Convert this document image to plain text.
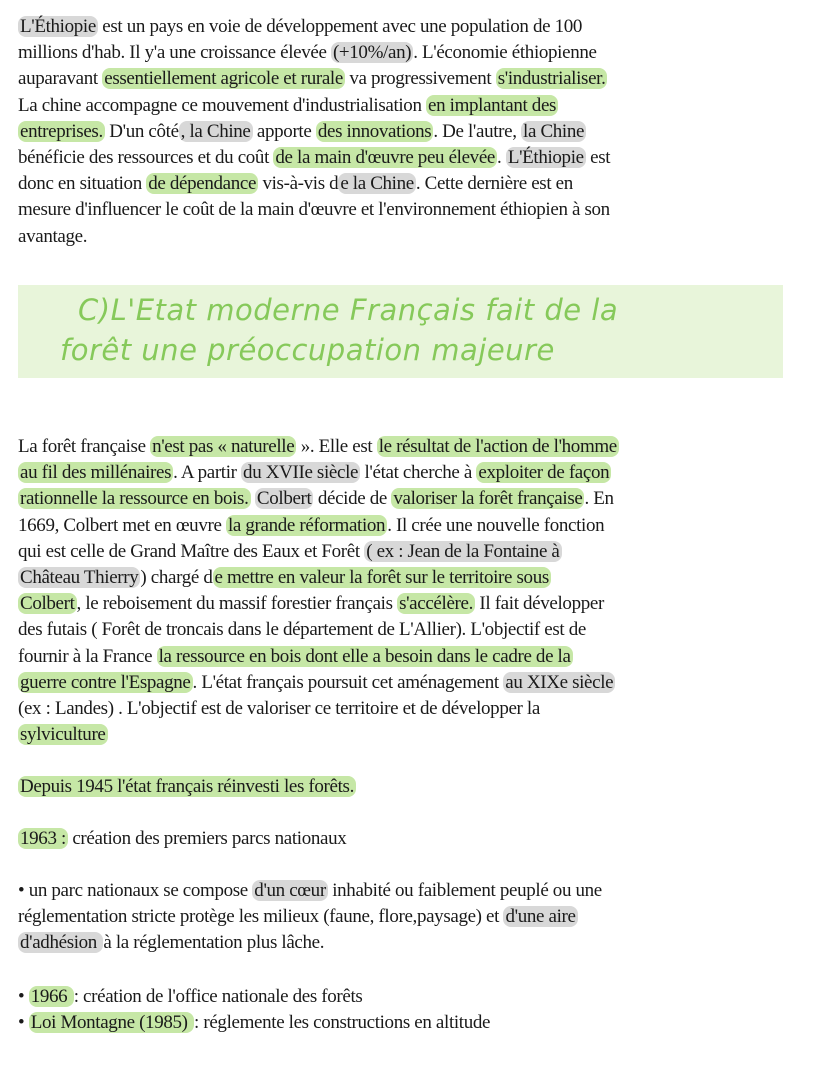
C)L'Etat moderne Français fait de la
forêt une préoccupation majeure
L'Éthiopie est un pays en voie de développement avec une population de 100
millions d'hab. Il y'a une croissance élevée (+10%/an) . L'économie éthiopienne
auparavant essentiellement agricole et rurale va progressivement s'industrialiser.
La chine accompagne ce mouvement d'industrialisation en implantant des
entreprises. D'un côté , la Chine apporte des innovations . De l'autre, la Chine
bénéficie des ressources et du coût de la main d'œuvre peu élevée . L'Éthiopie est
donc en situation de dépendance vis-à-vis d e la Chine . Cette dernière est en
mesure d'influencer le coût de la main d'œuvre et l'environnement éthiopien à son
avantage.
La forêt française n'est pas « naturelle ». Elle est le résultat de l'action de l'homme
au fil des millénaires . A partir du XVIIe siècle l'état cherche à exploiter de façon
rationnelle la ressource en bois. Colbert décide de valoriser la forêt française . En
1669, Colbert met en œuvre la grande réformation . Il crée une nouvelle fonction
qui est celle de Grand Maître des Eaux et Forêt ( ex : Jean de la Fontaine à
Château Thierry ) chargé d e mettre en valeur la forêt sur le territoire sous
Colbert , le reboisement du massif forestier français s'accélère. Il fait développer
des futais ( Forêt de troncais dans le département de L'Allier). L'objectif est de
fournir à la France la ressource en bois dont elle a besoin dans le cadre de la
guerre contre l'Espagne . L'état français poursuit cet aménagement au XIXe siècle
(ex : Landes) . L'objectif est de valoriser ce territoire et de développer la
sylviculture
Depuis 1945 l'état français réinvesti les forêts.
1963 : création des premiers parcs nationaux
• un parc nationaux se compose d'un cœur inhabité ou faiblement peuplé ou une
réglementation stricte protège les milieux (faune, flore,paysage) et d'une aire
d'adhésion à la réglementation plus lâche.
• 1966 : création de l'office nationale des forêts
• Loi Montagne (1985) : réglemente les constructions en altitude
